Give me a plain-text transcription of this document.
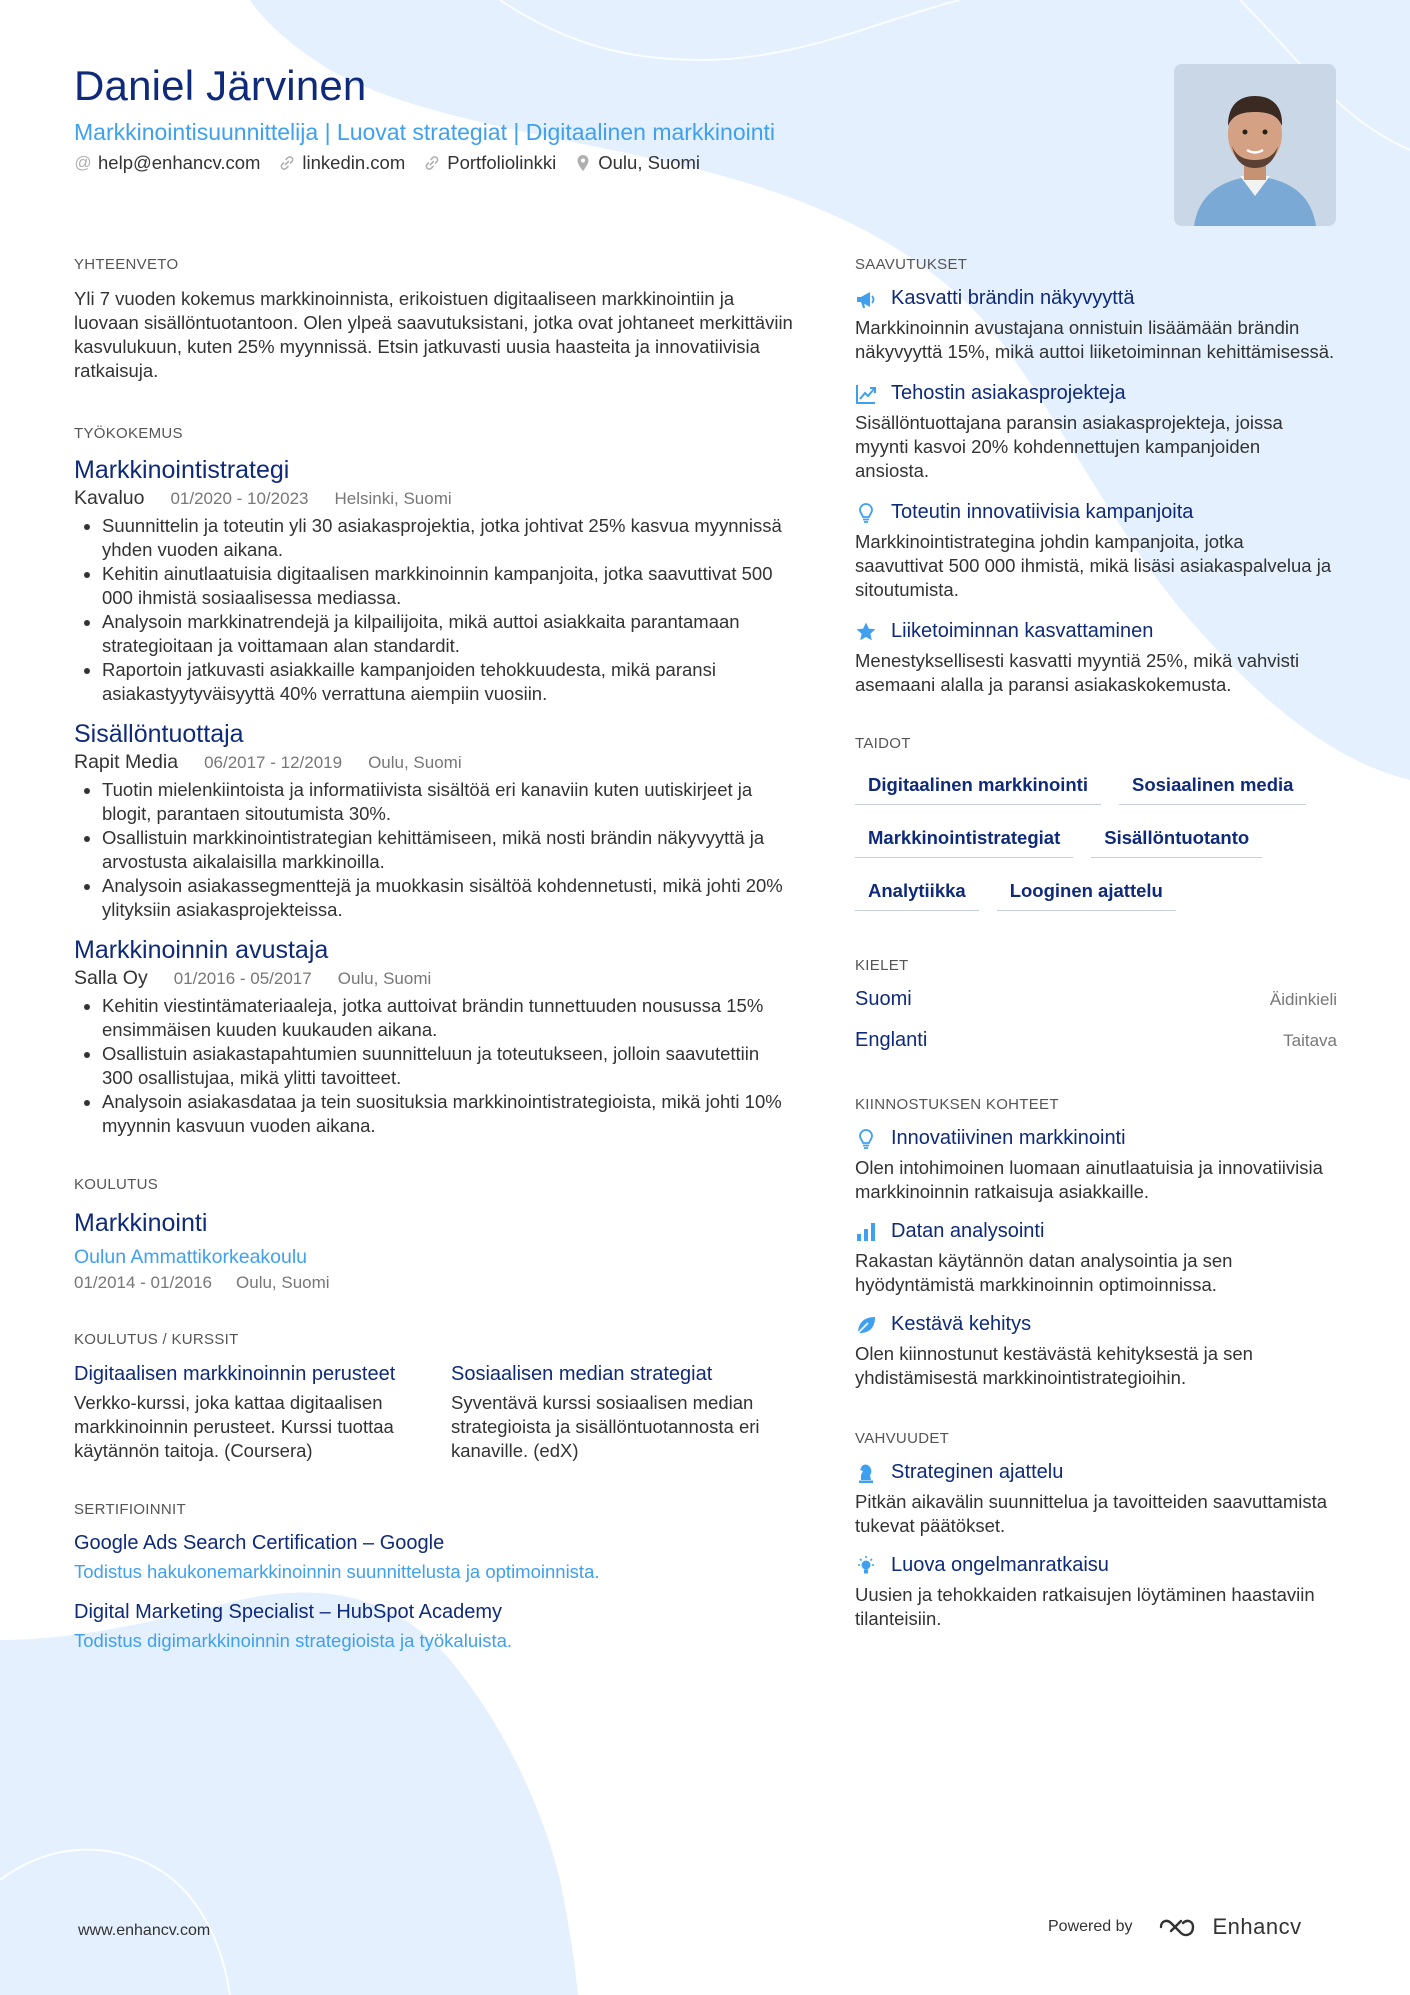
Daniel Järvinen
Markkinointisuunnittelija | Luovat strategiat | Digitaalinen markkinointi
@ help@enhancv.com linkedin.com Portfoliolinkki Oulu, Suomi
YHTEENVETO

Yli 7 vuoden kokemus markkinoinnista, erikoistuen digitaaliseen markkinointiin ja luovaan sisällöntuotantoon. Olen ylpeä saavutuksistani, jotka ovat johtaneet merkittäviin kasvulukuun, kuten 25% myynnissä. Etsin jatkuvasti uusia haasteita ja innovatiivisia ratkaisuja.

TYÖKOKEMUS
Markkinointistrategi
Kavaluo 01/2020 - 10/2023 Helsinki, Suomi
Suunnittelin ja toteutin yli 30 asiakasprojektia, jotka johtivat 25% kasvua myynnissä yhden vuoden aikana.
Kehitin ainutlaatuisia digitaalisen markkinoinnin kampanjoita, jotka saavuttivat 500 000 ihmistä sosiaalisessa mediassa.
Analysoin markkinatrendejä ja kilpailijoita, mikä auttoi asiakkaita parantamaan strategioitaan ja voittamaan alan standardit.
Raportoin jatkuvasti asiakkaille kampanjoiden tehokkuudesta, mikä paransi asiakastyytyväisyyttä 40% verrattuna aiempiin vuosiin.
Sisällöntuottaja
Rapit Media 06/2017 - 12/2019 Oulu, Suomi
Tuotin mielenkiintoista ja informatiivista sisältöä eri kanaviin kuten uutiskirjeet ja blogit, parantaen sitoutumista 30%.
Osallistuin markkinointistrategian kehittämiseen, mikä nosti brändin näkyvyyttä ja arvostusta aikalaisilla markkinoilla.
Analysoin asiakassegmenttejä ja muokkasin sisältöä kohdennetusti, mikä johti 20% ylityksiin asiakasprojekteissa.
Markkinoinnin avustaja
Salla Oy 01/2016 - 05/2017 Oulu, Suomi
Kehitin viestintämateriaaleja, jotka auttoivat brändin tunnettuuden nousussa 15% ensimmäisen kuuden kuukauden aikana.
Osallistuin asiakastapahtumien suunnitteluun ja toteutukseen, jolloin saavutettiin 300 osallistujaa, mikä ylitti tavoitteet.
Analysoin asiakasdataa ja tein suosituksia markkinointistrategioista, mikä johti 10% myynnin kasvuun vuoden aikana.
KOULUTUS
Markkinointi
Oulun Ammattikorkeakoulu
01/2014 - 01/2016 Oulu, Suomi
KOULUTUS / KURSSIT
Digitaalisen markkinoinnin perusteet
Verkko-kurssi, joka kattaa digitaalisen markkinoinnin perusteet. Kurssi tuottaa käytännön taitoja. (Coursera)
Sosiaalisen median strategiat
Syventävä kurssi sosiaalisen median strategioista ja sisällöntuotannosta eri kanaville. (edX)
SERTIFIOINNIT
Google Ads Search Certification – Google
Todistus hakukonemarkkinoinnin suunnittelusta ja optimoinnista.
Digital Marketing Specialist – HubSpot Academy
Todistus digimarkkinoinnin strategioista ja työkaluista.
SAAVUTUKSET
Kasvatti brändin näkyvyyttä
Markkinoinnin avustajana onnistuin lisäämään brändin näkyvyyttä 15%, mikä auttoi liiketoiminnan kehittämisessä.
Tehostin asiakasprojekteja
Sisällöntuottajana paransin asiakasprojekteja, joissa myynti kasvoi 20% kohdennettujen kampanjoiden ansiosta.
Toteutin innovatiivisia kampanjoita
Markkinointistrategina johdin kampanjoita, jotka saavuttivat 500 000 ihmistä, mikä lisäsi asiakaspalvelua ja sitoutumista.
Liiketoiminnan kasvattaminen
Menestyksellisesti kasvatti myyntiä 25%, mikä vahvisti asemaani alalla ja paransi asiakaskokemusta.
TAIDOT
Digitaalinen markkinointi	Sosiaalinen media
Markkinointistrategiat	Sisällöntuotanto
Analytiikka	Looginen ajattelu
KIELET
Suomi	Äidinkieli
Englanti	Taitava
KIINNOSTUKSEN KOHTEET
Innovatiivinen markkinointi
Olen intohimoinen luomaan ainutlaatuisia ja innovatiivisia markkinoinnin ratkaisuja asiakkaille.
Datan analysointi
Rakastan käytännön datan analysointia ja sen hyödyntämistä markkinoinnin optimoinnissa.
Kestävä kehitys
Olen kiinnostunut kestävästä kehityksestä ja sen yhdistämisestä markkinointistrategioihin.
VAHVUUDET
Strateginen ajattelu
Pitkän aikavälin suunnittelua ja tavoitteiden saavuttamista tukevat päätökset.
Luova ongelmanratkaisu
Uusien ja tehokkaiden ratkaisujen löytäminen haastaviin tilanteisiin.
www.enhancv.com	Powered by	Enhancv
